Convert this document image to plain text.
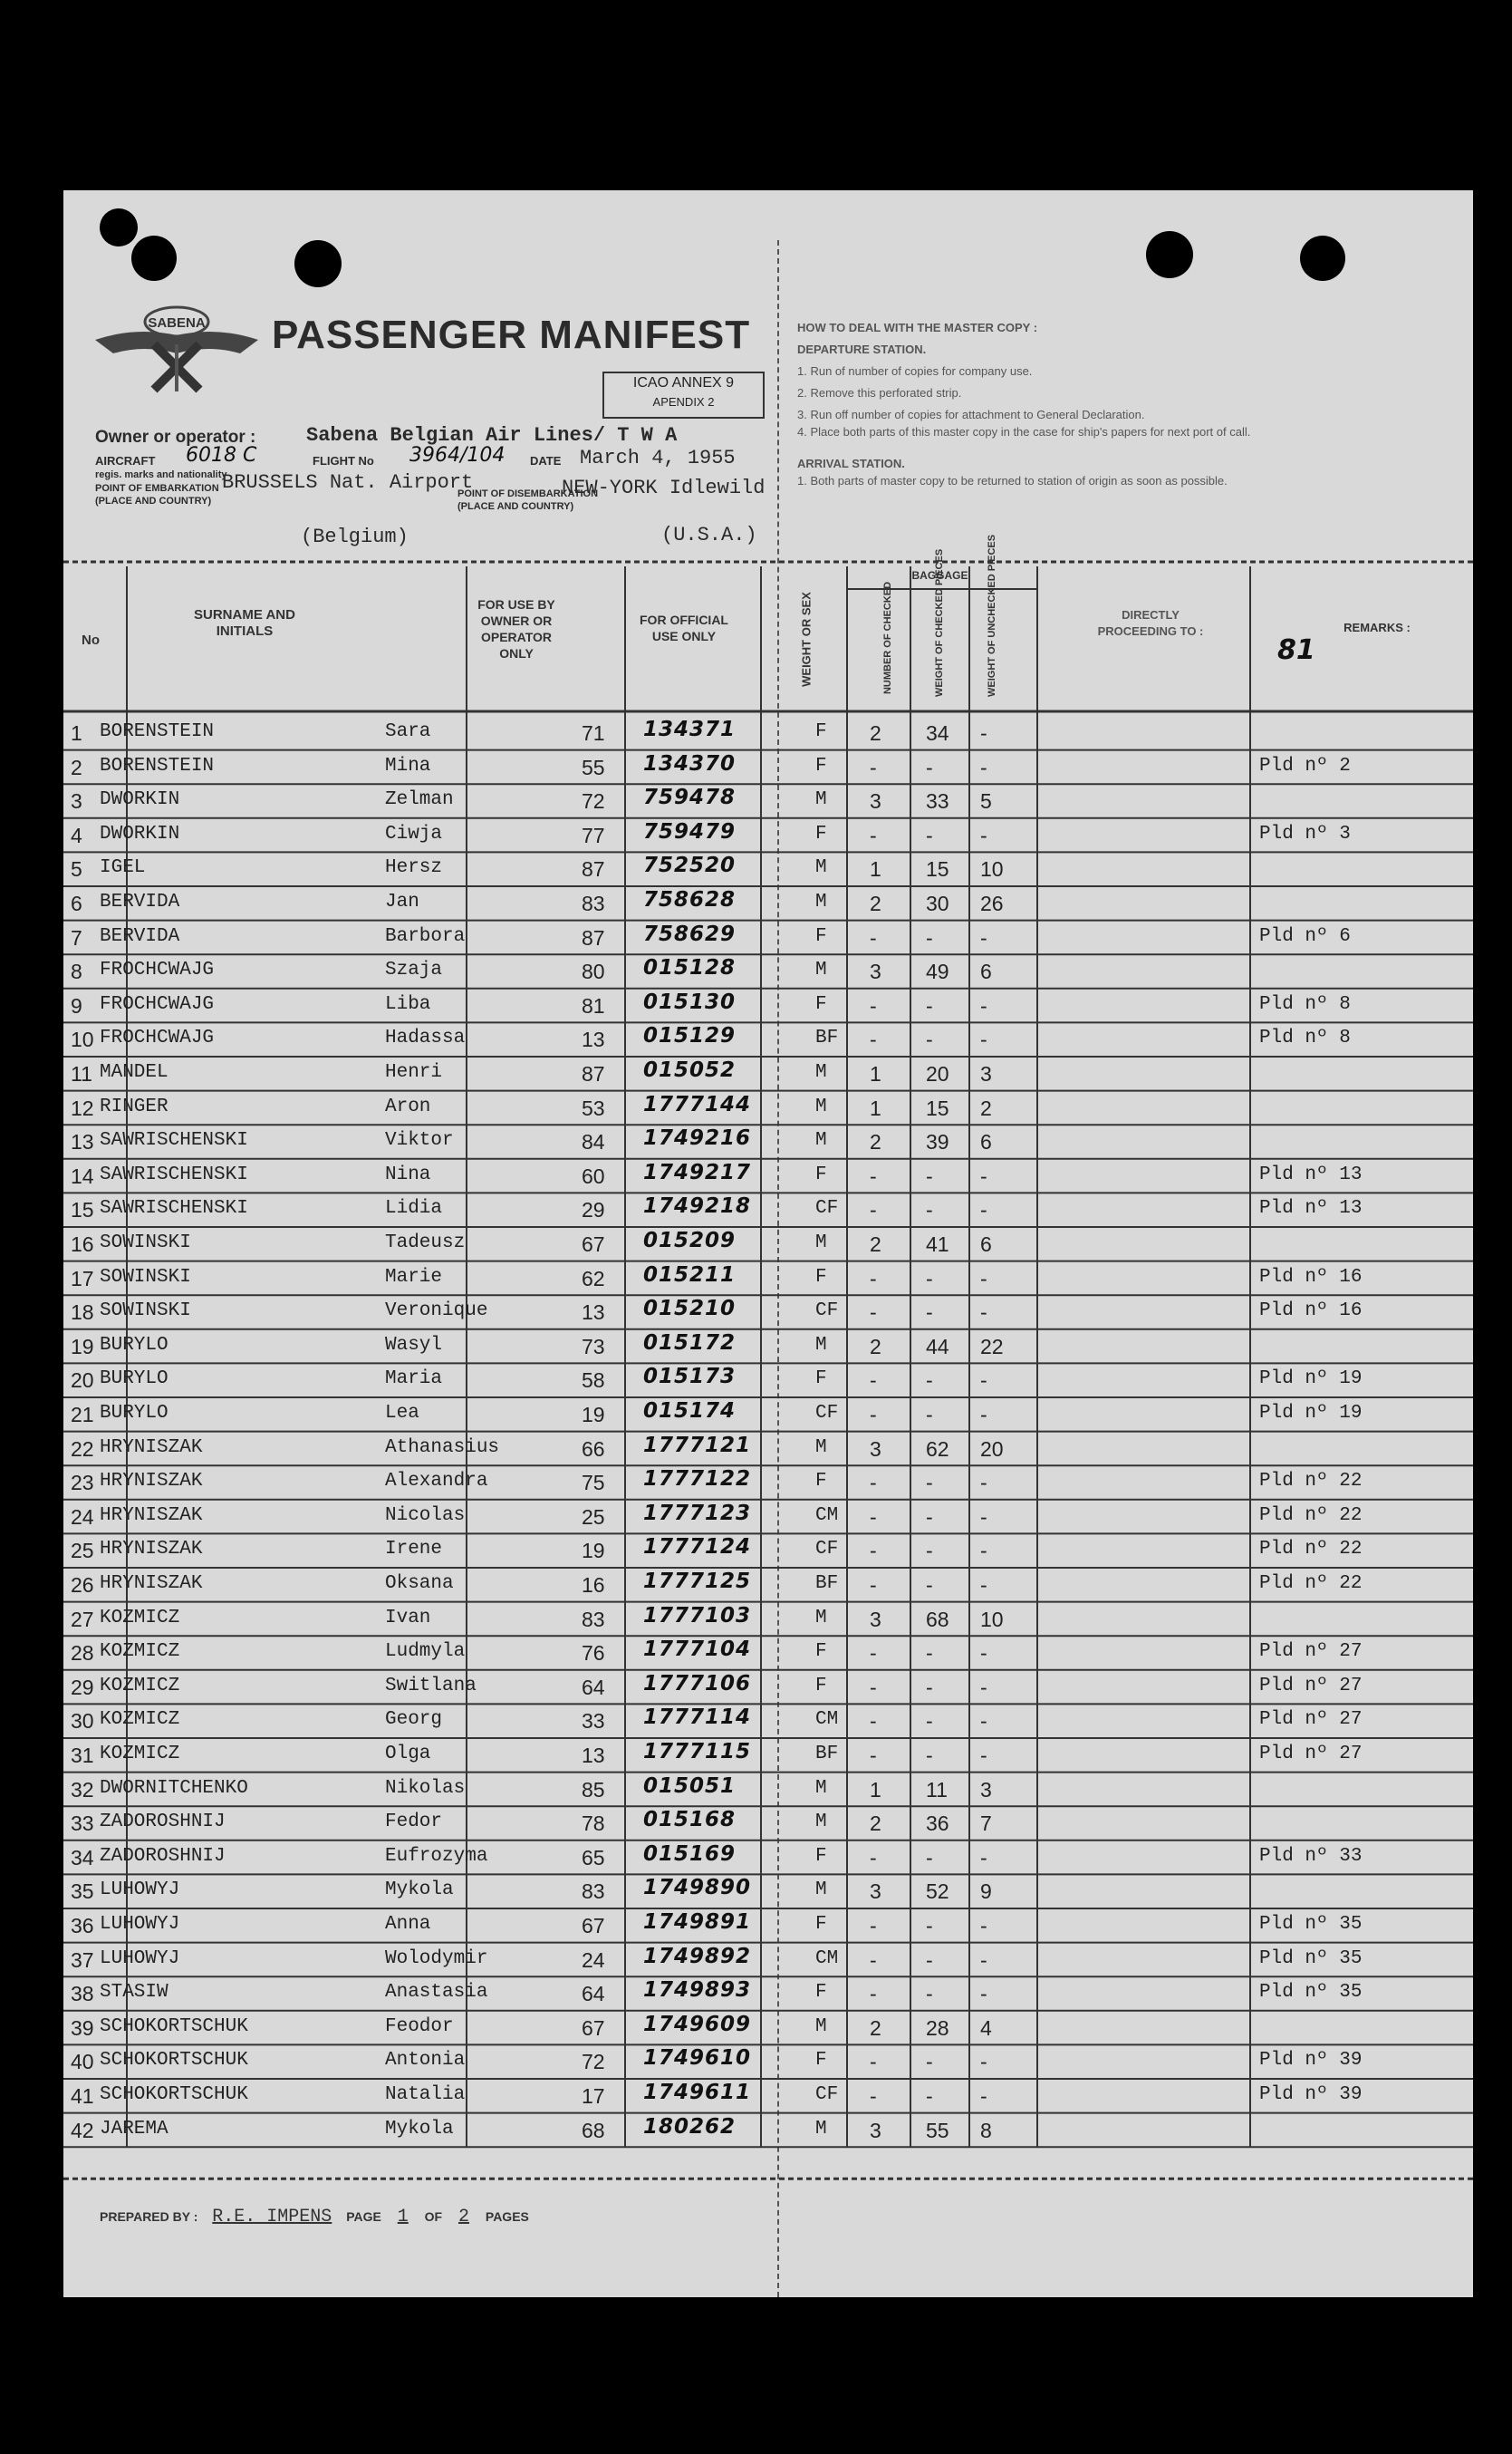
SABENA PASSENGER MANIFEST
ICAO ANNEX 9
APENDIX 2
Owner or operator :	Sabena Belgian Air Lines/ T W A
AIRCRAFT 6018 C	FLIGHT No 3964/104 DATE March 4, 1955
regis. marks and nationality
POINT OF EMBARKATION (PLACE AND COUNTRY)
BRUSSELS Nat. Airport
(Belgium)
POINT OF DISEMBARKATION (PLACE AND COUNTRY)
NEW-YORK Idlewild
(U.S.A.)
HOW TO DEAL WITH THE MASTER COPY :
DEPARTURE STATION.
1. Run of number of copies for company use.
2. Remove this perforated strip.
3. Run off number of copies for attachment to General Declaration.
4. Place both parts of this master copy in the case for ship's papers for next port of call.
ARRIVAL STATION.
1. Both parts of master copy to be returned to station of origin as soon as possible.
No
SURNAME AND INITIALS
FOR USE BY OWNER OR OPERATOR ONLY
FOR OFFICIAL USE ONLY	WEIGHT OR SEX
BAGGAGE
NUMBER OF CHECKED	WEIGHT OF CHECKED PIECES	WEIGHT OF UNCHECKED PIECES	DIRECTLY PROCEEDING TO :	REMARKS :
81
1 BORENSTEIN	Sara	71 134371	F 2 34 -
2 BORENSTEIN	Mina	55 134370	F - - -	Pld nº 2
3 DWORKIN	Zelman	72 759478	M 3 33 5
4 DWORKIN	Ciwja	77 759479	F - - -	Pld nº 3
5 IGEL	Hersz	87 752520	M 1 15 10
6 BERVIDA	Jan	83 758628	M 2 30 26
7 BERVIDA	Barbora	87 758629	F - - -	Pld nº 6
8 FROCHCWAJG	Szaja	80 015128	M 3 49 6
9 FROCHCWAJG	Liba	81 015130	F - - -	Pld nº 8
10 FROCHCWAJG	Hadassa	13 015129	BF - - -	Pld nº 8
11 MANDEL	Henri	87 015052	M 1 20 3
12 RINGER	Aron	53 1777144	M 1 15 2
13 SAWRISCHENSKI	Viktor	84 1749216	M 2 39 6
14 SAWRISCHENSKI	Nina	60 1749217	F - - -	Pld nº 13
15 SAWRISCHENSKI	Lidia	29 1749218	CF - - -	Pld nº 13
16 SOWINSKI	Tadeusz	67 015209	M 2 41 6
17 SOWINSKI	Marie	62 015211	F - - -	Pld nº 16
18 SOWINSKI	Veronique	13 015210	CF - - -	Pld nº 16
19 BURYLO	Wasyl	73 015172	M 2 44 22
20 BURYLO	Maria	58 015173	F - - -	Pld nº 19
21 BURYLO	Lea	19 015174	CF - - -	Pld nº 19
22 HRYNISZAK	Athanasius	66 1777121	M 3 62 20
23 HRYNISZAK	Alexandra	75 1777122	F - - -	Pld nº 22
24 HRYNISZAK	Nicolas	25 1777123	CM - - -	Pld nº 22
25 HRYNISZAK	Irene	19 1777124	CF - - -	Pld nº 22
26 HRYNISZAK	Oksana	16 1777125	BF - - -	Pld nº 22
27 KOZMICZ	Ivan	83 1777103	M 3 68 10
28 KOZMICZ	Ludmyla	76 1777104	F - - -	Pld nº 27
29 KOZMICZ	Switlana	64 1777106	F - - -	Pld nº 27
30 KOZMICZ	Georg	33 1777114	CM - - -	Pld nº 27
31 KOZMICZ	Olga	13 1777115	BF - - -	Pld nº 27
32 DWORNITCHENKO	Nikolas	85 015051	M 1 11 3
33 ZADOROSHNIJ	Fedor	78 015168	M 2 36 7
34 ZADOROSHNIJ	Eufrozyma	65 015169	F - - -	Pld nº 33
35 LUHOWYJ	Mykola	83 1749890	M 3 52 9
36 LUHOWYJ	Anna	67 1749891	F - - -	Pld nº 35
37 LUHOWYJ	Wolodymir	24 1749892	CM - - -	Pld nº 35
38 STASIW	Anastasia	64 1749893	F - - -	Pld nº 35
39 SCHOKORTSCHUK	Feodor	67 1749609	M 2 28 4
40 SCHOKORTSCHUK	Antonia	72 1749610	F - - -	Pld nº 39
41 SCHOKORTSCHUK	Natalia	17 1749611	CF - - -	Pld nº 39
42 JAREMA	Mykola	68 180262	M 3 55 8
PREPARED BY : R.E. IMPENS PAGE 1 OF 2 PAGES
